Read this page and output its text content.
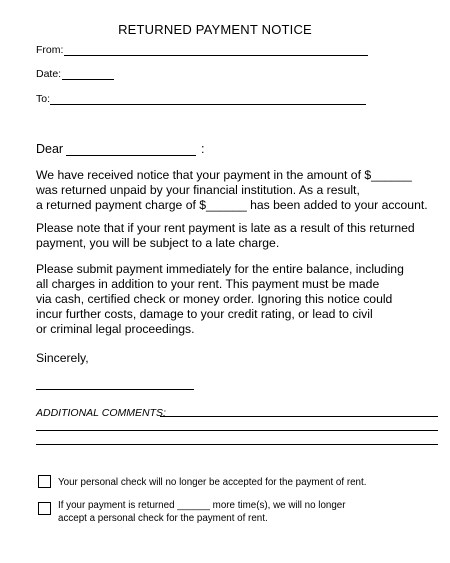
RETURNED PAYMENT NOTICE
From:
Date:
To:
Dear	:
We have received notice that your payment in the amount of $______
was returned unpaid by your financial institution. As a result,
a returned payment charge of $______ has been added to your account.
Please note that if your rent payment is late as a result of this returned
payment, you will be subject to a late charge.
Please submit payment immediately for the entire balance, including
all charges in addition to your rent. This payment must be made
via cash, certified check or money order. Ignoring this notice could
incur further costs, damage to your credit rating, or lead to civil
or criminal legal proceedings.
Sincerely,
ADDITIONAL COMMENTS:
Your personal check will no longer be accepted for the payment of rent.
If your payment is returned ______ more time(s), we will no longer
accept a personal check for the payment of rent.
